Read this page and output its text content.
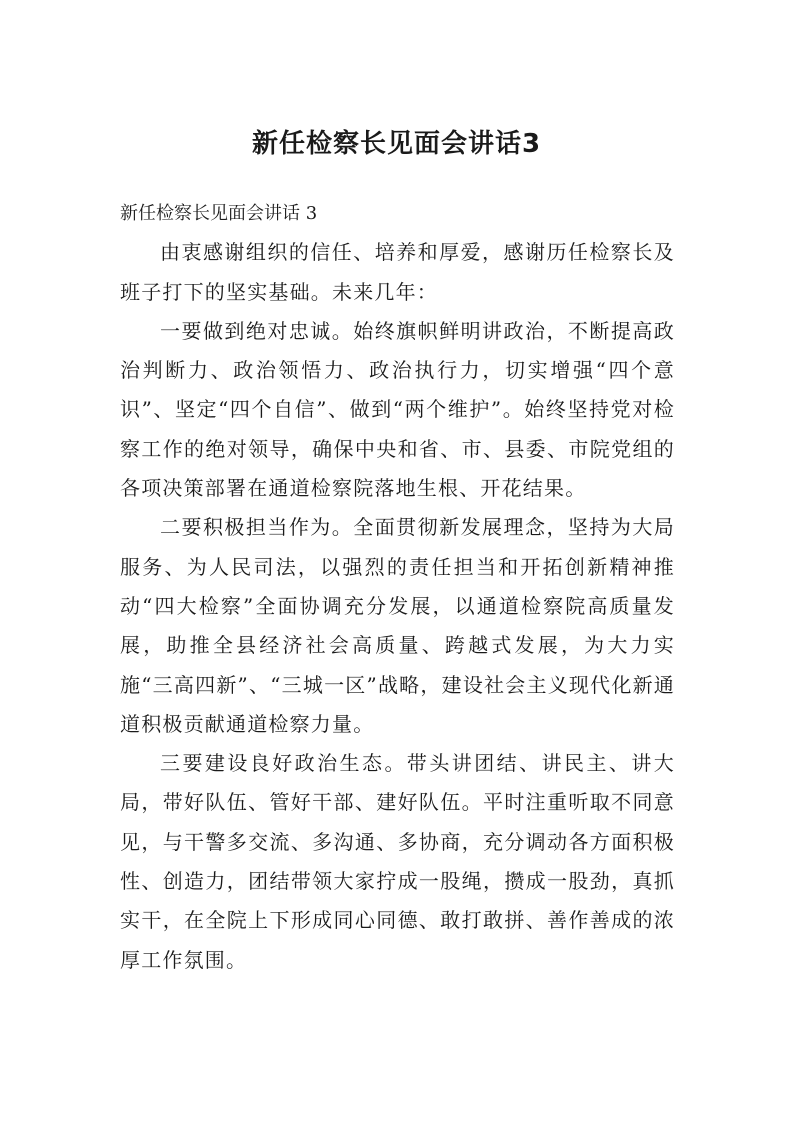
新任检察长见面会讲话3

新任检察长见面会讲话 3

由衷感谢组织的信任、培养和厚爱，感谢历任检察长及班子打下的坚实基础。未来几年：

一要做到绝对忠诚。始终旗帜鲜明讲政治，不断提高政治判断力、政治领悟力、政治执行力，切实增强“四个意识”、坚定“四个自信”、做到“两个维护”。始终坚持党对检察工作的绝对领导，确保中央和省、市、县委、市院党组的各项决策部署在通道检察院落地生根、开花结果。

二要积极担当作为。全面贯彻新发展理念，坚持为大局服务、为人民司法，以强烈的责任担当和开拓创新精神推动“四大检察”全面协调充分发展，以通道检察院高质量发展，助推全县经济社会高质量、跨越式发展，为大力实施“三高四新”、“三城一区”战略，建设社会主义现代化新通道积极贡献通道检察力量。

三要建设良好政治生态。带头讲团结、讲民主、讲大局，带好队伍、管好干部、建好队伍。平时注重听取不同意见，与干警多交流、多沟通、多协商，充分调动各方面积极性、创造力，团结带领大家拧成一股绳，攒成一股劲，真抓实干，在全院上下形成同心同德、敢打敢拼、善作善成的浓厚工作氛围。
